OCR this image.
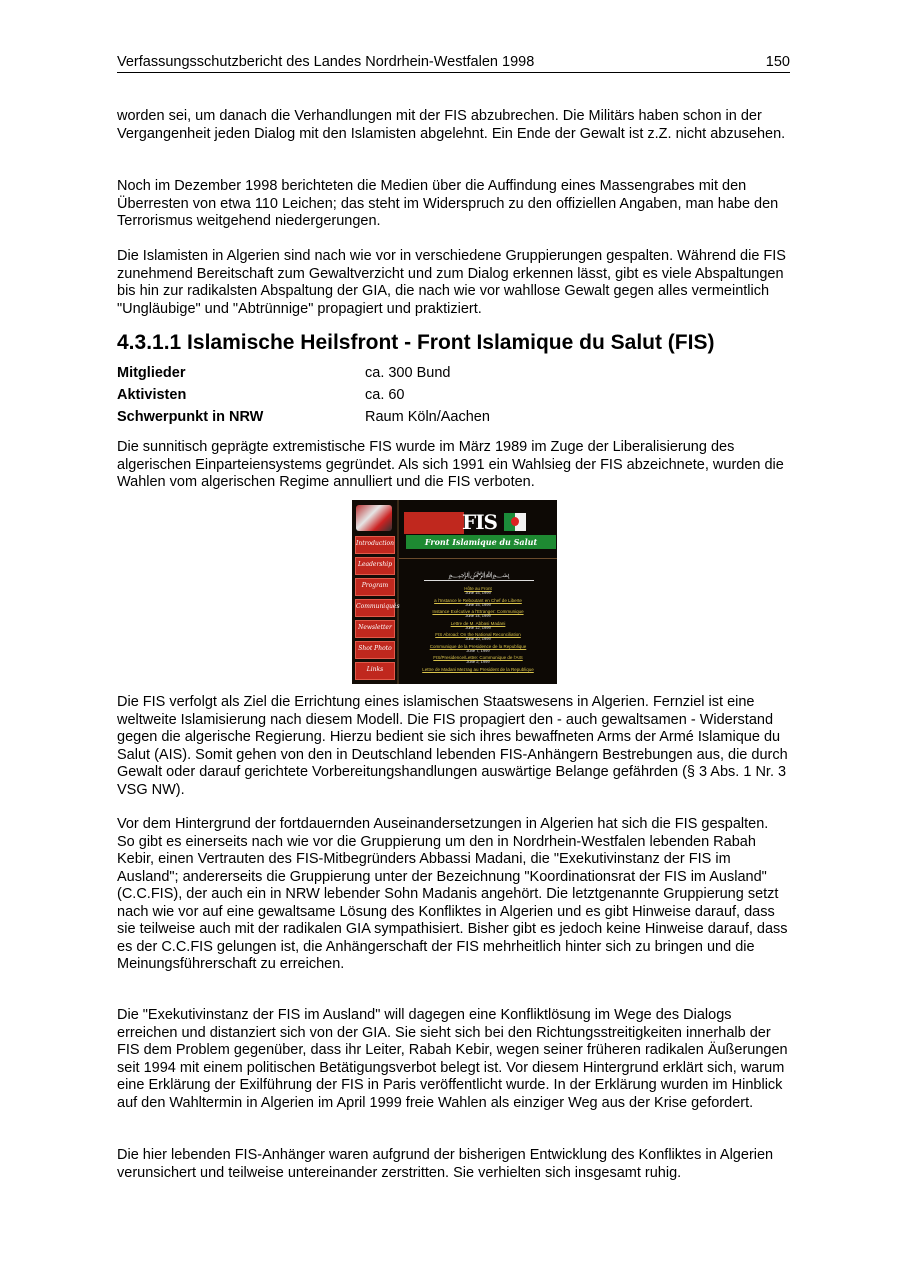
Verfassungsschutzbericht des Landes Nordrhein-Westfalen 1998	150

worden sei, um danach die Verhandlungen mit der FIS abzubrechen. Die Militärs haben schon in der Vergangenheit jeden Dialog mit den Islamisten abgelehnt. Ein Ende der Gewalt ist z.Z. nicht abzusehen.

Noch im Dezember 1998 berichteten die Medien über die Auffindung eines Massengrabes mit den Überresten von etwa 110 Leichen; das steht im Widerspruch zu den offiziellen Angaben, man habe den Terrorismus weitgehend niedergerungen.

Die Islamisten in Algerien sind nach wie vor in verschiedene Gruppierungen gespalten. Während die FIS zunehmend Bereitschaft zum Gewaltverzicht und zum Dialog erkennen lässt, gibt es viele Abspaltungen bis hin zur radikalsten Abspaltung der GIA, die nach wie vor wahllose Gewalt gegen alles vermeintlich "Ungläubige" und "Abtrünnige" propagiert und praktiziert.

4.3.1.1 Islamische Heilsfront - Front Islamique du Salut (FIS)
Mitglieder	ca. 300 Bund
Aktivisten	ca. 60
Schwerpunkt in NRW	Raum Köln/Aachen

Die sunnitisch geprägte extremistische FIS wurde im März 1989 im Zuge der Liberalisierung des algerischen Einparteiensystems gegründet. Als sich 1991 ein Wahlsieg der FIS abzeichnete, wurden die Wahlen vom algerischen Regime annulliert und die FIS verboten.

Introduction
Leadership
Program
Communiqués
Newsletter
Shot Photo
Links
FIS
Front Islamique du Salut
﷽
Hôte au Front
June 15, 1999
a l'Instance le Reboutant en Chef de Liberte
June 15, 1999
Instance Exécutive a l'Etranger: Communique
June 14, 1999
Lettre de M. Abbasi Madani
June 12, 1999
FIS Abroad: On the National Reconciliation
June 10, 1999
Communique de la Presidence de la Republique
June 7, 1999
FIS/Presidence/Lettre: Communique de l'AIS
June 2, 1999
Lettre de Madani Mezrag au President de la Republique

Die FIS verfolgt als Ziel die Errichtung eines islamischen Staatswesens in Algerien. Fernziel ist eine weltweite Islamisierung nach diesem Modell. Die FIS propagiert den - auch gewaltsamen - Widerstand gegen die algerische Regierung. Hierzu bedient sie sich ihres bewaffneten Arms der Armé Islamique du Salut (AIS). Somit gehen von den in Deutschland lebenden FIS-Anhängern Bestrebungen aus, die durch Gewalt oder darauf gerichtete Vorbereitungshandlungen auswärtige Belange gefährden (§ 3 Abs. 1 Nr. 3 VSG NW).

Vor dem Hintergrund der fortdauernden Auseinandersetzungen in Algerien hat sich die FIS gespalten. So gibt es einerseits nach wie vor die Gruppierung um den in Nordrhein-Westfalen lebenden Rabah Kebir, einen Vertrauten des FIS-Mitbegründers Abbassi Madani, die "Exekutivinstanz der FIS im Ausland"; andererseits die Gruppierung unter der Bezeichnung "Koordinationsrat der FIS im Ausland" (C.C.FIS), der auch ein in NRW lebender Sohn Madanis angehört. Die letztgenannte Gruppierung setzt nach wie vor auf eine gewaltsame Lösung des Konfliktes in Algerien und es gibt Hinweise darauf, dass sie teilweise auch mit der radikalen GIA sympathisiert. Bisher gibt es jedoch keine Hinweise darauf, dass es der C.C.FIS gelungen ist, die Anhängerschaft der FIS mehrheitlich hinter sich zu bringen und die Meinungsführerschaft zu erreichen.

Die "Exekutivinstanz der FIS im Ausland" will dagegen eine Konfliktlösung im Wege des Dialogs erreichen und distanziert sich von der GIA. Sie sieht sich bei den Richtungsstreitigkeiten innerhalb der FIS dem Problem gegenüber, dass ihr Leiter, Rabah Kebir, wegen seiner früheren radikalen Äußerungen seit 1994 mit einem politischen Betätigungsverbot belegt ist. Vor diesem Hintergrund erklärt sich, warum eine Erklärung der Exilführung der FIS in Paris veröffentlicht wurde. In der Erklärung wurden im Hinblick auf den Wahltermin in Algerien im April 1999 freie Wahlen als einziger Weg aus der Krise gefordert.

Die hier lebenden FIS-Anhänger waren aufgrund der bisherigen Entwicklung des Konfliktes in Algerien verunsichert und teilweise untereinander zerstritten. Sie verhielten sich insgesamt ruhig.
